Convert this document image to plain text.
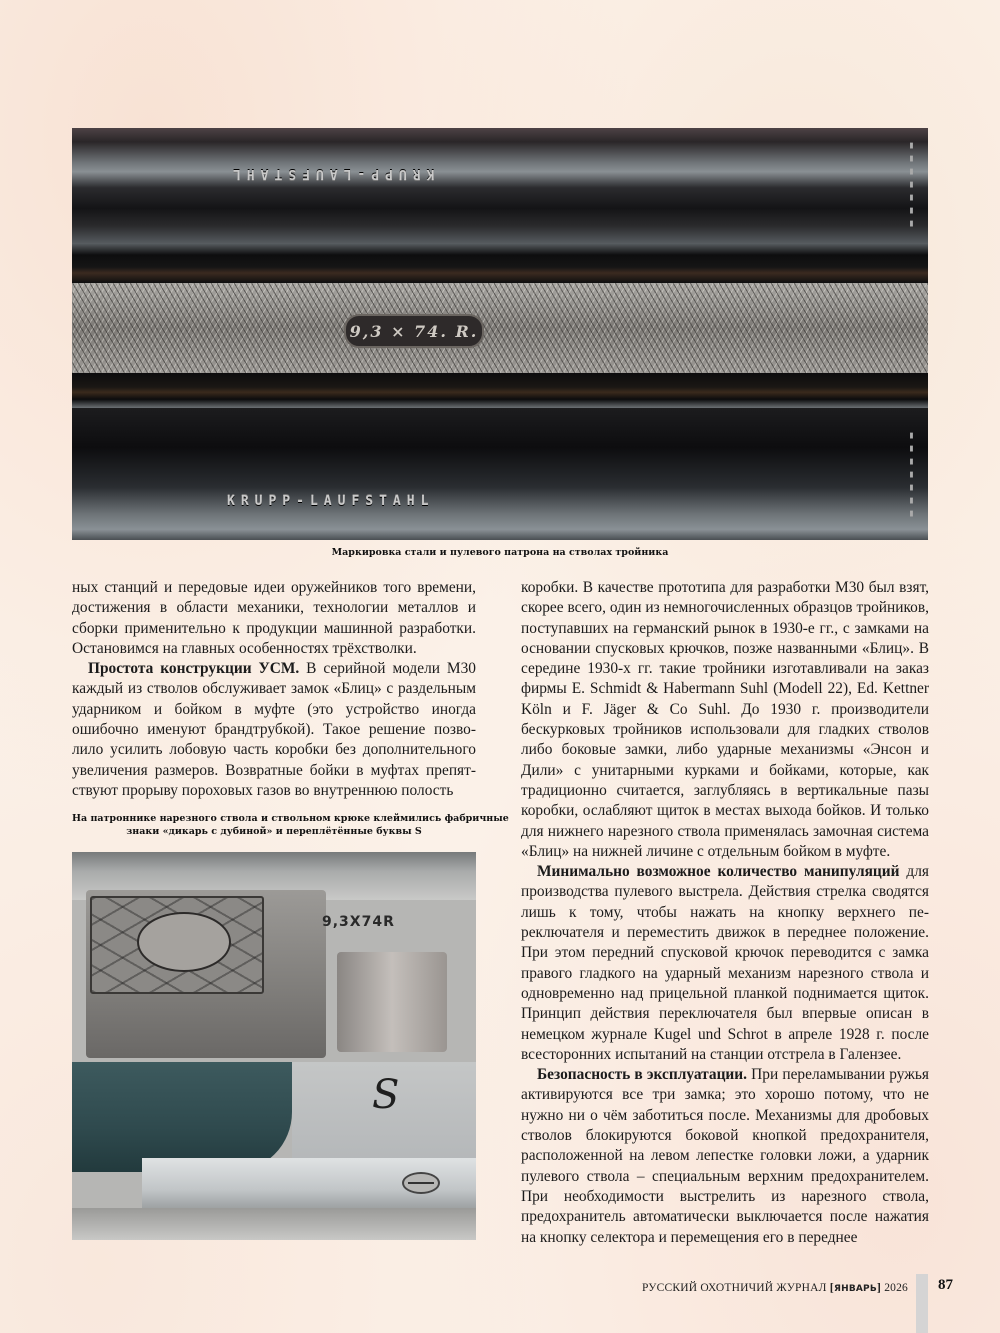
KRUPP-LAUFSTAHL
KRUPP-LAUFSTAHL
9,3 × 74. R.
▮▮▮▮▮▮▮
▮▮▮▮▮▮▮
Маркировка стали и пулевого патрона на стволах тройника

ных станций и передовые идеи оружейников того времени, достижения в области механики, технологии металлов и сборки применительно к продукции машинной разработки. Остановимся на главных особенностях трёхстволки.

Простота конструкции УСМ. В серийной модели М30 каждый из стволов обслуживает замок «Блиц» с раздельным ударником и бойком в муфте (это устройство иногда ошибочно именуют брандтрубкой). Такое решение позволило усилить лобовую часть коробки без дополнительного увеличения размеров. Возвратные бойки в муфтах препятствуют прорыву пороховых газов во внутреннюю полость

На патроннике нарезного ствола и ствольном крюке клеймились фабричные
знаки «дикарь с дубиной» и переплётённые буквы S
9,3X74R
S

коробки. В качестве прототипа для разработки М30 был взят, скорее всего, один из немногочисленных образцов тройников, поступавших на германский рынок в 1930-е гг., с замками на основании спусковых крючков, позже названными «Блиц». В середине 1930-х гг. такие тройники изготавливали на заказ фирмы E. Schmidt & Habermann Suhl (Modell 22), Ed. Kettner Köln и F. Jäger & Co Suhl. До 1930 г. производители бескурковых тройников использовали для гладких стволов либо боковые замки, либо ударные механизмы «Энсон и Дили» с унитарными курками и бойками, которые, как традиционно считается, заглубляясь в вертикальные пазы коробки, ослабляют щиток в местах выхода бойков. И только для нижнего нарезного ствола применялась замочная система «Блиц» на нижней личине с отдельным бойком в муфте.

Минимально возможное количество манипуляций для производства пулевого выстрела. Действия стрелка сводятся лишь к тому, чтобы нажать на кнопку верхнего переключателя и переместить движок в переднее положение. При этом передний спусковой крючок переводится с замка правого гладкого на ударный механизм нарезного ствола и одновременно над прицельной планкой поднимается щиток. Принцип действия переключателя был впервые описан в немецком журнале Kugel und Schrot в апреле 1928 г. после всесторонних испытаний на станции отстрела в Галензее.

Безопасность в эксплуатации. При переламывании ружья активируются все три замка; это хорошо потому, что не нужно ни о чём заботиться после. Механизмы для дробовых стволов блокируются боковой кнопкой предохранителя, расположенной на левом лепестке головки ложи, а ударник пулевого ствола – специальным верхним предохранителем. При необходимости выстрелить из нарезного ствола, предохранитель автоматически выключается после нажатия на кнопку селектора и перемещения его в переднее

РУССКИЙ ОХОТНИЧИЙ ЖУРНАЛ [ЯНВАРЬ] 2026 87
